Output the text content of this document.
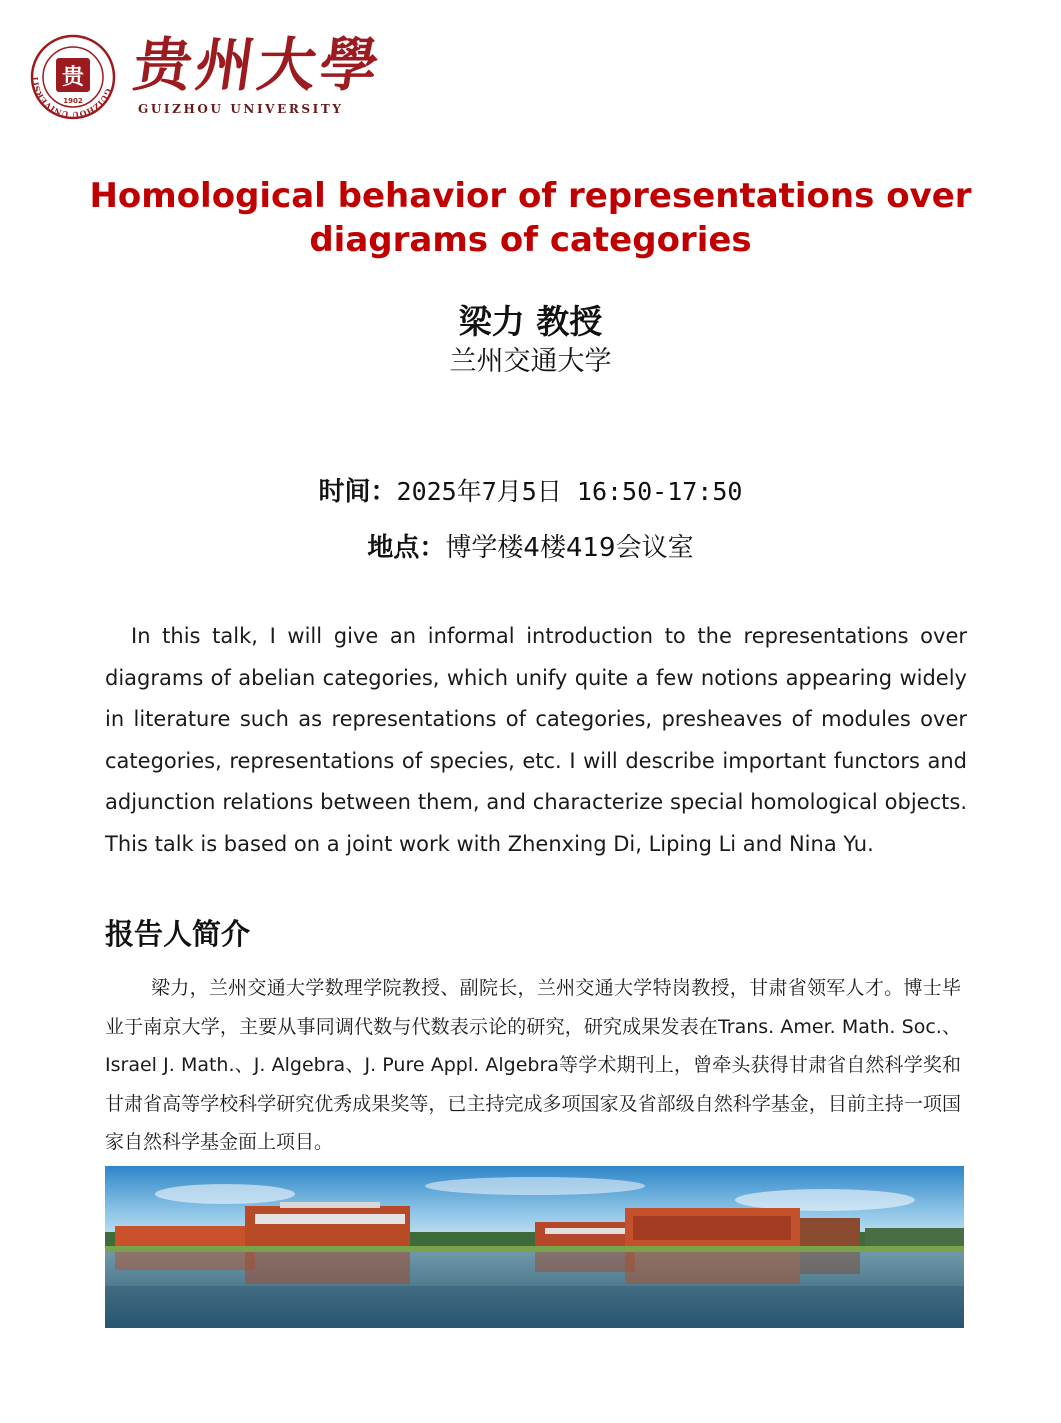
GUIZHOU UNIVERSIT 贵
1902
贵州大學
GUIZHOU UNIVERSITY
Homological behavior of representations over
diagrams of categories
梁力 教授
兰州交通大学
时间：2025年7月5日 16:50-17:50
地点：博学楼4楼419会议室

In this talk, I will give an informal introduction to the representations over diagrams of abelian categories, which unify quite a few notions appearing widely in literature such as representations of categories, presheaves of modules over categories, representations of species, etc. I will describe important functors and adjunction relations between them, and characterize special homological objects. This talk is based on a joint work with Zhenxing Di, Liping Li and Nina Yu.

报告人简介

梁力，兰州交通大学数理学院教授、副院长，兰州交通大学特岗教授，甘肃省领军人才。博士毕业于南京大学，主要从事同调代数与代数表示论的研究，研究成果发表在Trans. Amer. Math. Soc.、Israel J. Math.、J. Algebra、J. Pure Appl. Algebra等学术期刊上，曾牵头获得甘肃省自然科学奖和甘肃省高等学校科学研究优秀成果奖等，已主持完成多项国家及省部级自然科学基金，目前主持一项国家自然科学基金面上项目。
